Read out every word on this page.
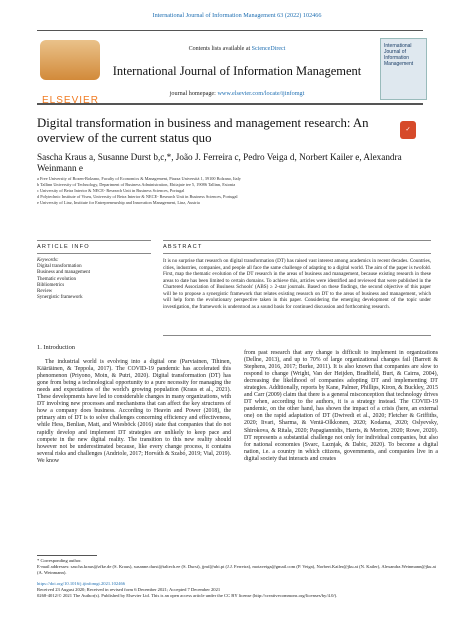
International Journal of Information Management 63 (2022) 102466
ELSEVIER
Contents lists available at ScienceDirect
International Journal of Information Management
journal homepage: www.elsevier.com/locate/ijinfomgt
International Journal of Information Management
Digital transformation in business and management research: An overview of the current status quo
✓
Sascha Kraus a, Susanne Durst b,c,*, João J. Ferreira c, Pedro Veiga d, Norbert Kailer e, Alexandra Weinmann e
a Free University of Bozen-Bolzano, Faculty of Economics & Management, Piazza Università 1, 39100 Bolzano, Italy
b Tallinn University of Technology, Department of Business Administration, Ehitajate tee 5, 19086 Tallinn, Estonia
c University of Beira Interior & NECE- Research Unit in Business Sciences, Portugal
d Polytechnic Institute of Viseu, University of Beira Interior & NECE- Research Unit in Business Sciences, Portugal
e University of Linz, Institute for Entrepreneurship and Innovation Management, Linz, Austria
ARTICLE INFO	ABSTRACT
Keywords:
Digital transformation
Business and management
Thematic evolution
Bibliometrics
Review
Synergistic framework
It is no surprise that research on digital transformation (DT) has raised vast interest among academics in recent decades. Countries, cities, industries, companies, and people all face the same challenge of adapting to a digital world. The aim of the paper is twofold. First, map the thematic evolution of the DT research in the areas of business and management, because existing research in these areas to date has been limited to certain domains. To achieve this, articles were identified and reviewed that were published in the Chartered Association of Business Schools' (ABS) ≥ 2-star journals. Based on these findings, the second objective of this paper will be to propose a synergistic framework that relates existing research on DT to the areas of business and management, which will help form the evolutionary perspective taken in this paper. Considering the emerging development of the topic under investigation, the framework is understood as a sound basis for continued discussion and forthcoming research.
1. Introduction

The industrial world is evolving into a digital one (Parviainen, Tihinen, Kääriäinen, & Teppola, 2017). The COVID-19 pandemic has accelerated this phenomenon (Priyono, Moin, & Putri, 2020). Digital transformation (DT) has gone from being a technological opportunity to a pure necessity for managing the needs and expectations of the world's growing population (Kraus et al., 2021). These developments have led to considerable changes in many organizations, with DT involving new processes and mechanisms that can affect the key structures of how a company does business. According to Heavin and Power (2018), the primary aim of DT is to solve challenges concerning efficiency and effectiveness, while Hess, Benlian, Matt, and Wiesböck (2016) state that companies that do not rapidly develop and implement DT strategies are unlikely to keep pace and compete in the new digital reality. The transition to this new reality should however not be underestimated because, like every change process, it contains several risks and challenges (Andriole, 2017; Horváth & Szabó, 2019; Vial, 2019). We know

from past research that any change is difficult to implement in organizations (Dellne, 2013), and up to 70% of large organizational changes fail (Barrett & Stephens, 2016, 2017; Burke, 2011). It is also known that companies are slow to respond to change (Wright, Van der Heijden, Bradfield, Burt, & Cairns, 2004), decreasing the likelihood of companies adopting DT and implementing DT strategies. Additionally, reports by Kane, Palmer, Phillips, Kiron, & Buckley, 2015 and Carr (2009) claim that there is a general misconception that technology drives DT when, according to the authors, it is a strategy instead. The COVID-19 pandemic, on the other hand, has shown the impact of a crisis (here, an external one) on the rapid adaptation of DT (Dwivedi et al., 2020; Fletcher & Griffiths, 2020; Iivari, Sharma, & Ventä-Olkkonen, 2020; Kodama, 2020; Oslyevsky, Shirokova, & Ritala, 2020; Papagiannidis, Harris, & Morton, 2020; Rowe, 2020). DT represents a substantial challenge not only for individual companies, but also for national economies (Svarc, Laznjak, & Dabic, 2020). To become a digital nation, i.e. a country in which citizens, governments, and companies live in a digital society that interacts and creates

* Corresponding author.
E-mail addresses: sascha.kraus@zfke.de (S. Kraus), susanne.durst@taltech.ee (S. Durst), jjmf@ubi.pt (J.J. Ferreira), motaveiga@gmail.com (P. Veiga), Norbert.Kailer@jku.at (N. Kailer), Alexandra.Weinmann@jku.at (A. Weinmann).
https://doi.org/10.1016/j.ijinfomgt.2021.102466
Received 23 August 2020; Received in revised form 6 December 2021; Accepted 7 December 2021
0268-4012/© 2021 The Author(s). Published by Elsevier Ltd. This is an open access article under the CC BY license (http://creativecommons.org/licenses/by/4.0/).
